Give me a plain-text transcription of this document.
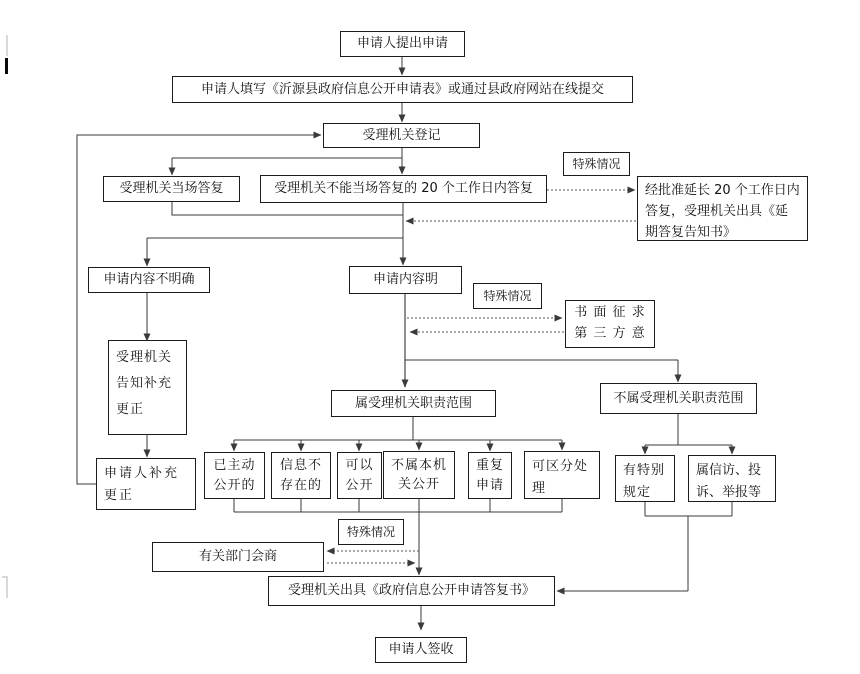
申请人提出申请
申请人填写《沂源县政府信息公开申请表》或通过县政府网站在线提交
受理机关登记
受理机关当场答复	受理机关不能当场答复的 20 个工作日内答复
特殊情况
经批准延长 20 个工作日内答复，受理机关出具《延期答复告知书》
申请内容不明确	申请内容明
特殊情况
书 面 征 求 第 三 方 意
受理机关告知补充更正
申请人补充更正
属受理机关职责范围	不属受理机关职责范围
已主动公开的
信息不存在的
可以公开
不属本机关公开
重复申请
可区分处理
有特别规定
属信访、投诉、举报等
特殊情况
有关部门会商
受理机关出具《政府信息公开申请答复书》
申请人签收
